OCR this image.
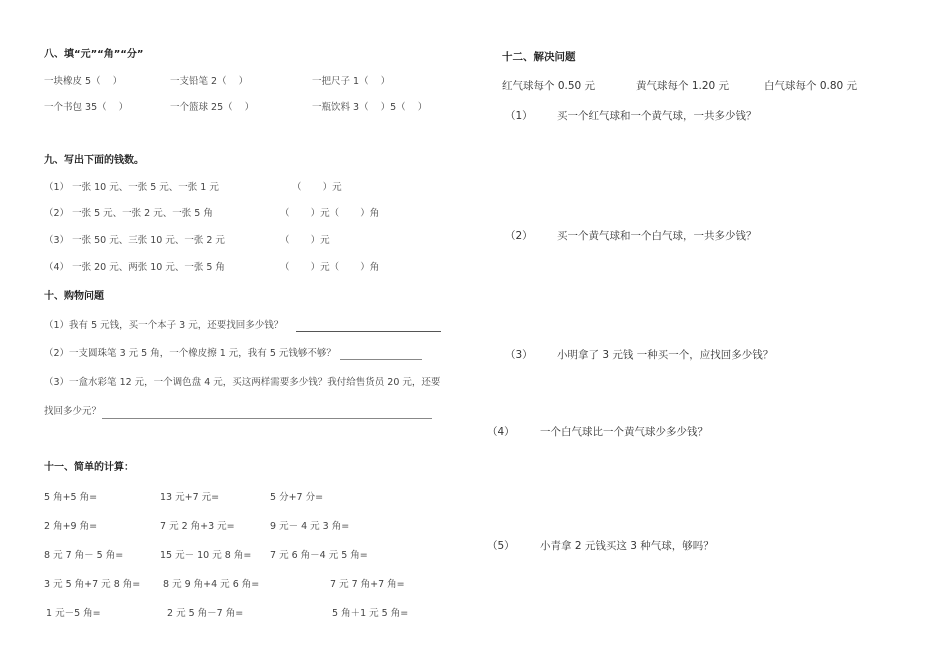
八、填“元”“角”“分”
一块橡皮 5（    ）	一支铅笔 2（    ）	一把尺子 1（    ）
一个书包 35（    ）	一个篮球 25（    ）	一瓶饮料 3（    ）5（    ）
九、写出下面的钱数。
（1） 一张 10 元、一张 5 元、一张 1 元	（       ）元
（2） 一张 5 元、一张 2 元、一张 5 角	（       ）元（       ）角
（3） 一张 50 元、三张 10 元、一张 2 元	（       ）元
（4） 一张 20 元、两张 10 元、一张 5 角	（       ）元（       ）角
十、购物问题
（1）我有 5 元钱，买一个本子 3 元，还要找回多少钱？
（2）一支圆珠笔 3 元 5 角，一个橡皮擦 1 元，我有 5 元钱够不够？
（3）一盒水彩笔 12 元，一个调色盘 4 元，买这两样需要多少钱？我付给售货员 20 元，还要
找回多少元？
十一、简单的计算：
5 角+5 角=	13 元+7 元=	5 分+7 分=
2 角+9 角=	7 元 2 角+3 元=	9 元－ 4 元 3 角=
8 元 7 角－ 5 角=	15 元－ 10 元 8 角= 7 元 6 角－4 元 5 角=
3 元 5 角+7 元 8 角= 8 元 9 角+4 元 6 角=	7 元 7 角+7 角=
1 元－5 角=	2 元 5 角－7 角=	5 角＋1 元 5 角=
十二、解决问题
红气球每个 0.50 元	黄气球每个 1.20 元	白气球每个 0.80 元
（1） 买一个红气球和一个黄气球，一共多少钱？
（2） 买一个黄气球和一个白气球，一共多少钱？
（3） 小明拿了 3 元钱 一种买一个，应找回多少钱？
（4） 一个白气球比一个黄气球少多少钱？
（5） 小青拿 2 元钱买这 3 种气球，够吗？
